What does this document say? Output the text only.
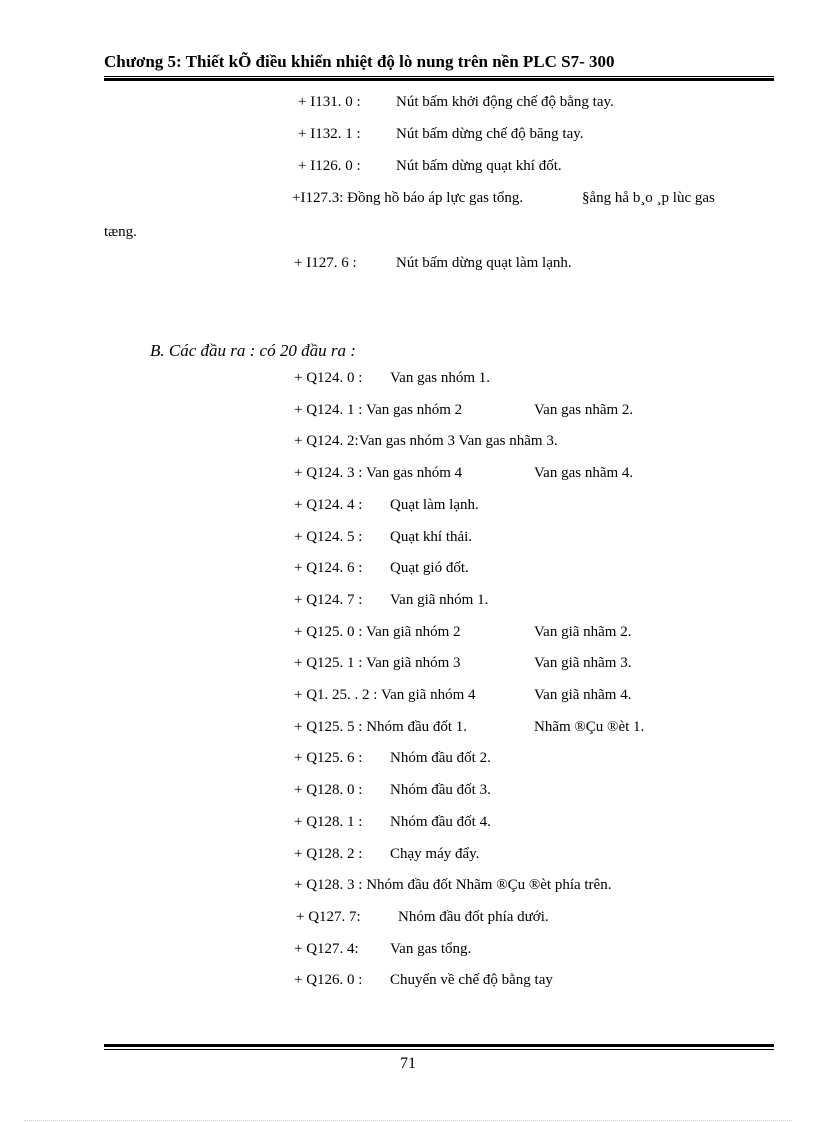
Chương 5: Thiết kÕ điều khiển nhiệt độ lò nung trên nền PLC S7- 300
+ I131. 0 : Nút bấm khởi động chế độ bằng tay.
+ I132. 1 : Nút bấm dừng chế độ băng tay.
+ I126. 0 : Nút bấm dừng quạt khí đốt.
+I127.3: Đồng hồ báo áp lực gas tổng.	§ång hå b¸o ¸p lùc gas
tæng.
+ I127. 6 :	Nút bấm dừng quạt làm lạnh.
B. Các đầu ra : có 20 đầu ra :
+ Q124. 0 : Van gas nhóm 1.
+ Q124. 1 : Van gas nhóm 2	Van gas nhãm 2.
+ Q124. 2:Van gas nhóm 3 Van gas nhãm 3.
+ Q124. 3 : Van gas nhóm 4	Van gas nhãm 4.
+ Q124. 4 : Quạt làm lạnh.
+ Q124. 5 : Quạt khí thải.
+ Q124. 6 : Quạt gió đốt.
+ Q124. 7 : Van giã nhóm 1.
+ Q125. 0 : Van giã nhóm 2	Van giã nhãm 2.
+ Q125. 1 : Van giã nhóm 3	Van giã nhãm 3.
+ Q1. 25. . 2 : Van giã nhóm 4	Van giã nhãm 4.
+ Q125. 5 : Nhóm đầu đốt 1.	Nhãm ®Çu ®èt 1.
+ Q125. 6 : Nhóm đầu đốt 2.
+ Q128. 0 : Nhóm đầu đốt 3.
+ Q128. 1 : Nhóm đầu đốt 4.
+ Q128. 2 : Chạy máy đẩy.
+ Q128. 3 : Nhóm đầu đốt Nhãm ®Çu ®èt phía trên.
+ Q127. 7: Nhóm đầu đốt phía dưới.
+ Q127. 4: Van gas tổng.
+ Q126. 0 : Chuyển về chế độ bằng tay
71
